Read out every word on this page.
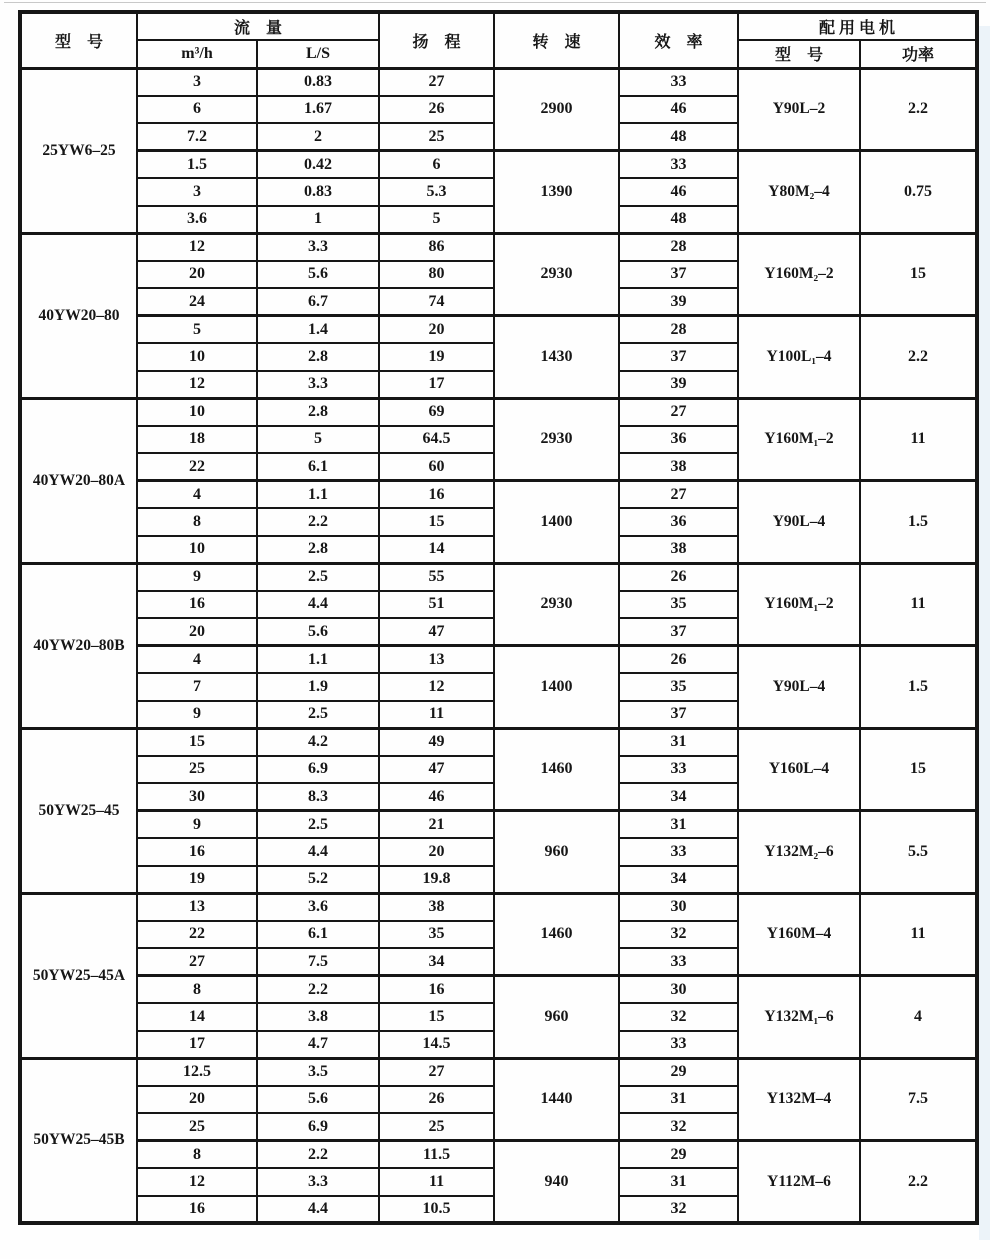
型　号	流　量		扬　程	转　速	效　率	配 用 电 机	
	m³/h	L/S				型　号	功率
25YW6–25	3	0.83	27	2900	33	Y90L–2	2.2
	6	1.67	26		46		
	7.2	2	25		48		
	1.5	0.42	6	1390	33	Y80M₂–4	0.75
	3	0.83	5.3		46		
	3.6	1	5		48		
40YW20–80	12	3.3	86	2930	28	Y160M₂–2	15
	20	5.6	80		37		
	24	6.7	74		39		
	5	1.4	20	1430	28	Y100L₁–4	2.2
	10	2.8	19		37		
	12	3.3	17		39		
40YW20–80A	10	2.8	69	2930	27	Y160M₁–2	11
	18	5	64.5		36		
	22	6.1	60		38		
	4	1.1	16	1400	27	Y90L–4	1.5
	8	2.2	15		36		
	10	2.8	14		38		
40YW20–80B	9	2.5	55	2930	26	Y160M₁–2	11
	16	4.4	51		35		
	20	5.6	47		37		
	4	1.1	13	1400	26	Y90L–4	1.5
	7	1.9	12		35		
	9	2.5	11		37		
50YW25–45	15	4.2	49	1460	31	Y160L–4	15
	25	6.9	47		33		
	30	8.3	46		34		
	9	2.5	21	960	31	Y132M₂–6	5.5
	16	4.4	20		33		
	19	5.2	19.8		34		
50YW25–45A	13	3.6	38	1460	30	Y160M–4	11
	22	6.1	35		32		
	27	7.5	34		33		
	8	2.2	16	960	30	Y132M₁–6	4
	14	3.8	15		32		
	17	4.7	14.5		33		
50YW25–45B	12.5	3.5	27	1440	29	Y132M–4	7.5
	20	5.6	26		31		
	25	6.9	25		32		
	8	2.2	11.5	940	29	Y112M–6	2.2
	12	3.3	11		31		
	16	4.4	10.5		32		
